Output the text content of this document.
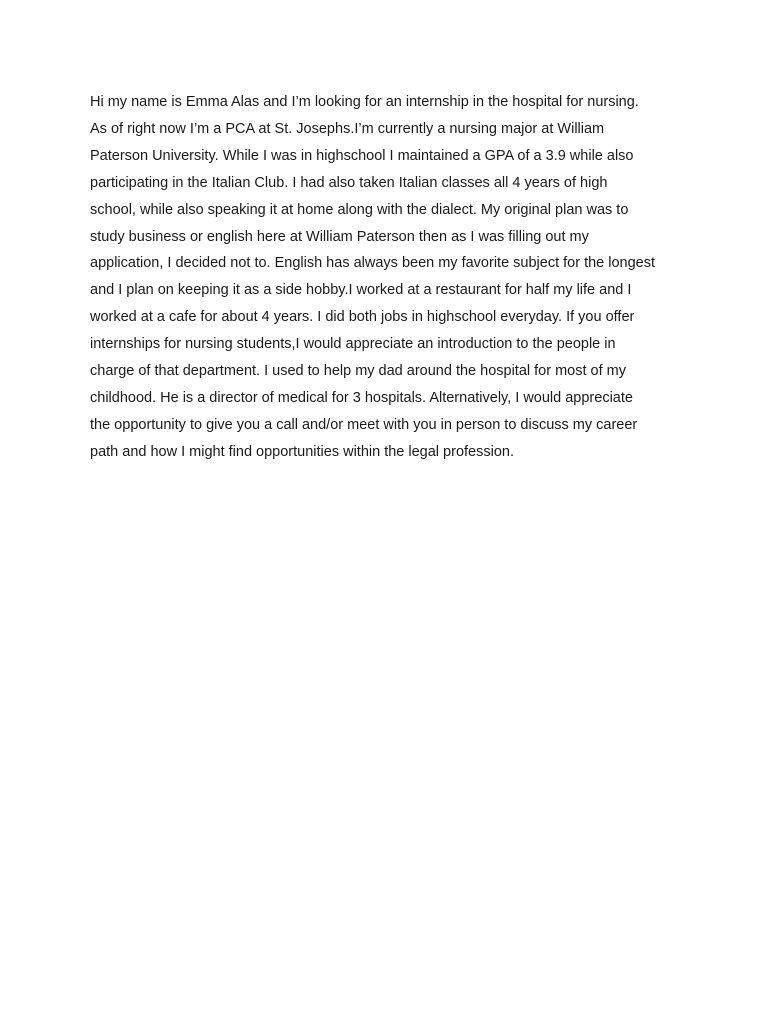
Hi my name is Emma Alas and I’m looking for an internship in the hospital for nursing.
As of right now I’m a PCA at St. Josephs.I’m currently a nursing major at William
Paterson University. While I was in highschool I maintained a GPA of a 3.9 while also
participating in the Italian Club. I had also taken Italian classes all 4 years of high
school, while also speaking it at home along with the dialect. My original plan was to
study business or english here at William Paterson then as I was filling out my
application, I decided not to. English has always been my favorite subject for the longest
and I plan on keeping it as a side hobby.I worked at a restaurant for half my life and I
worked at a cafe for about 4 years. I did both jobs in highschool everyday. If you offer
internships for nursing students,I would appreciate an introduction to the people in
charge of that department. I used to help my dad around the hospital for most of my
childhood. He is a director of medical for 3 hospitals. Alternatively, I would appreciate
the opportunity to give you a call and/or meet with you in person to discuss my career
path and how I might find opportunities within the legal profession.
